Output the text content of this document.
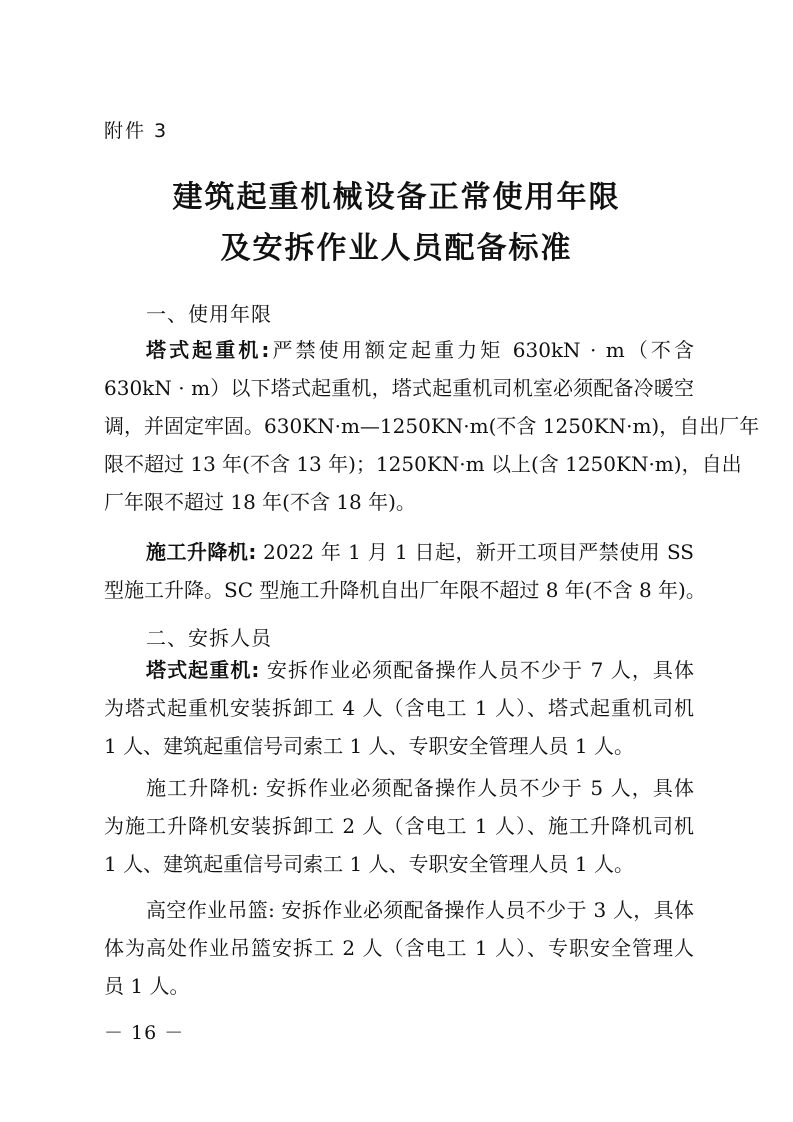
附件 3
建筑起重机械设备正常使用年限
及安拆作业人员配备标准
一、使用年限
塔式起重机:严禁使用额定起重力矩 630kN · m（不含
630kN · m）以下塔式起重机，塔式起重机司机室必须配备冷暖空
调，并固定牢固。630KN·m—1250KN·m(不含 1250KN·m)，自出厂年
限不超过 13 年(不含 13 年)；1250KN·m 以上(含 1250KN·m)，自出
厂年限不超过 18 年(不含 18 年)。
施工升降机: 2022 年 1 月 1 日起，新开工项目严禁使用 SS
型施工升降。SC 型施工升降机自出厂年限不超过 8 年(不含 8 年)。
二、安拆人员
塔式起重机: 安拆作业必须配备操作人员不少于 7 人，具体
为塔式起重机安装拆卸工 4 人（含电工 1 人）、塔式起重机司机
1 人、建筑起重信号司索工 1 人、专职安全管理人员 1 人。
施工升降机: 安拆作业必须配备操作人员不少于 5 人，具体
为施工升降机安装拆卸工 2 人（含电工 1 人）、施工升降机司机
1 人、建筑起重信号司索工 1 人、专职安全管理人员 1 人。
高空作业吊篮: 安拆作业必须配备操作人员不少于 3 人，具体
体为高处作业吊篮安拆工 2 人（含电工 1 人）、专职安全管理人
员 1 人。
－ 16 －
